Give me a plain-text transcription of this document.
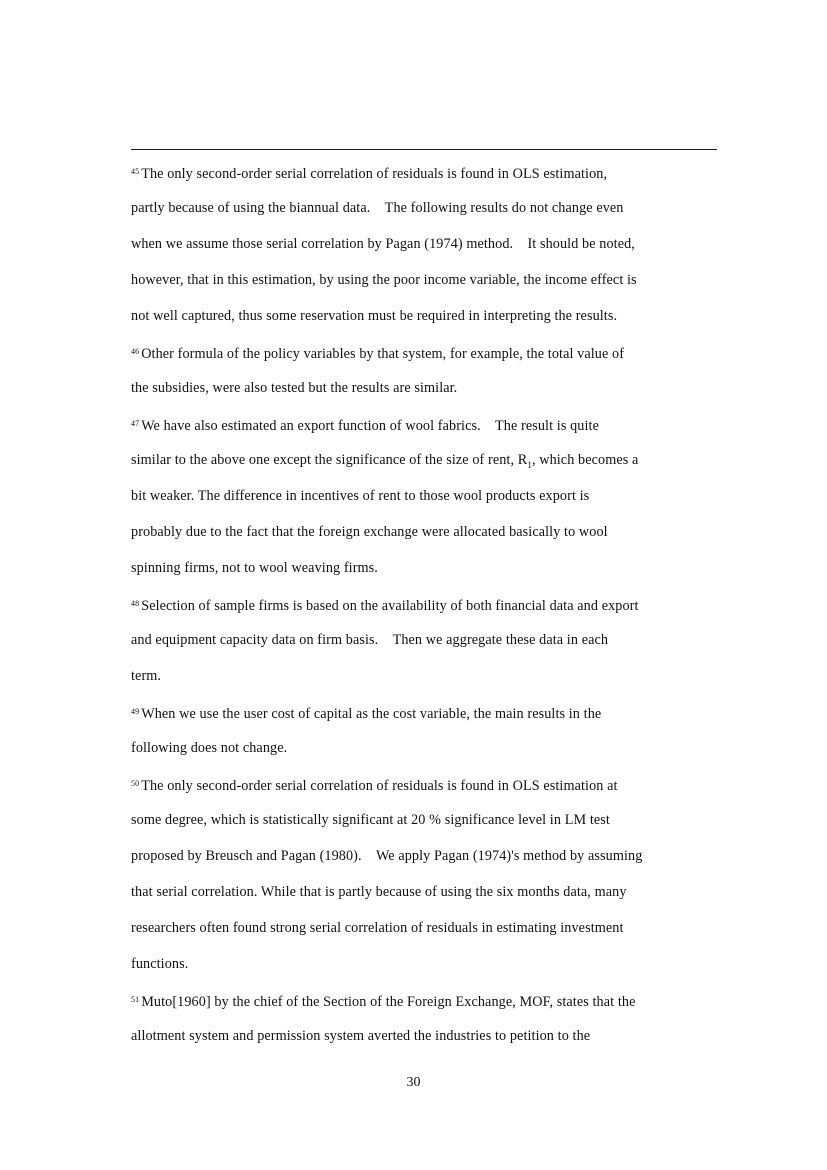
$^{45}$ The only second-order serial correlation of residuals is found in OLS estimation,
partly because of using the biannual data. The following results do not change even
when we assume those serial correlation by Pagan (1974) method. It should be noted,
however, that in this estimation, by using the poor income variable, the income effect is
not well captured, thus some reservation must be required in interpreting the results.
$^{46}$ Other formula of the policy variables by that system, for example, the total value of
the subsidies, were also tested but the results are similar.
$^{47}$ We have also estimated an export function of wool fabrics. The result is quite
similar to the above one except the significance of the size of rent, $R_1$, which becomes a
bit weaker. The difference in incentives of rent to those wool products export is
probably due to the fact that the foreign exchange were allocated basically to wool
spinning firms, not to wool weaving firms.
$^{48}$ Selection of sample firms is based on the availability of both financial data and export
and equipment capacity data on firm basis. Then we aggregate these data in each
term.
$^{49}$ When we use the user cost of capital as the cost variable, the main results in the
following does not change.
$^{50}$ The only second-order serial correlation of residuals is found in OLS estimation at
some degree, which is statistically significant at 20 % significance level in LM test
proposed by Breusch and Pagan (1980). We apply Pagan (1974)'s method by assuming
that serial correlation. While that is partly because of using the six months data, many
researchers often found strong serial correlation of residuals in estimating investment
functions.
$^{51}$ Muto[1960] by the chief of the Section of the Foreign Exchange, MOF, states that the
allotment system and permission system averted the industries to petition to the
30
